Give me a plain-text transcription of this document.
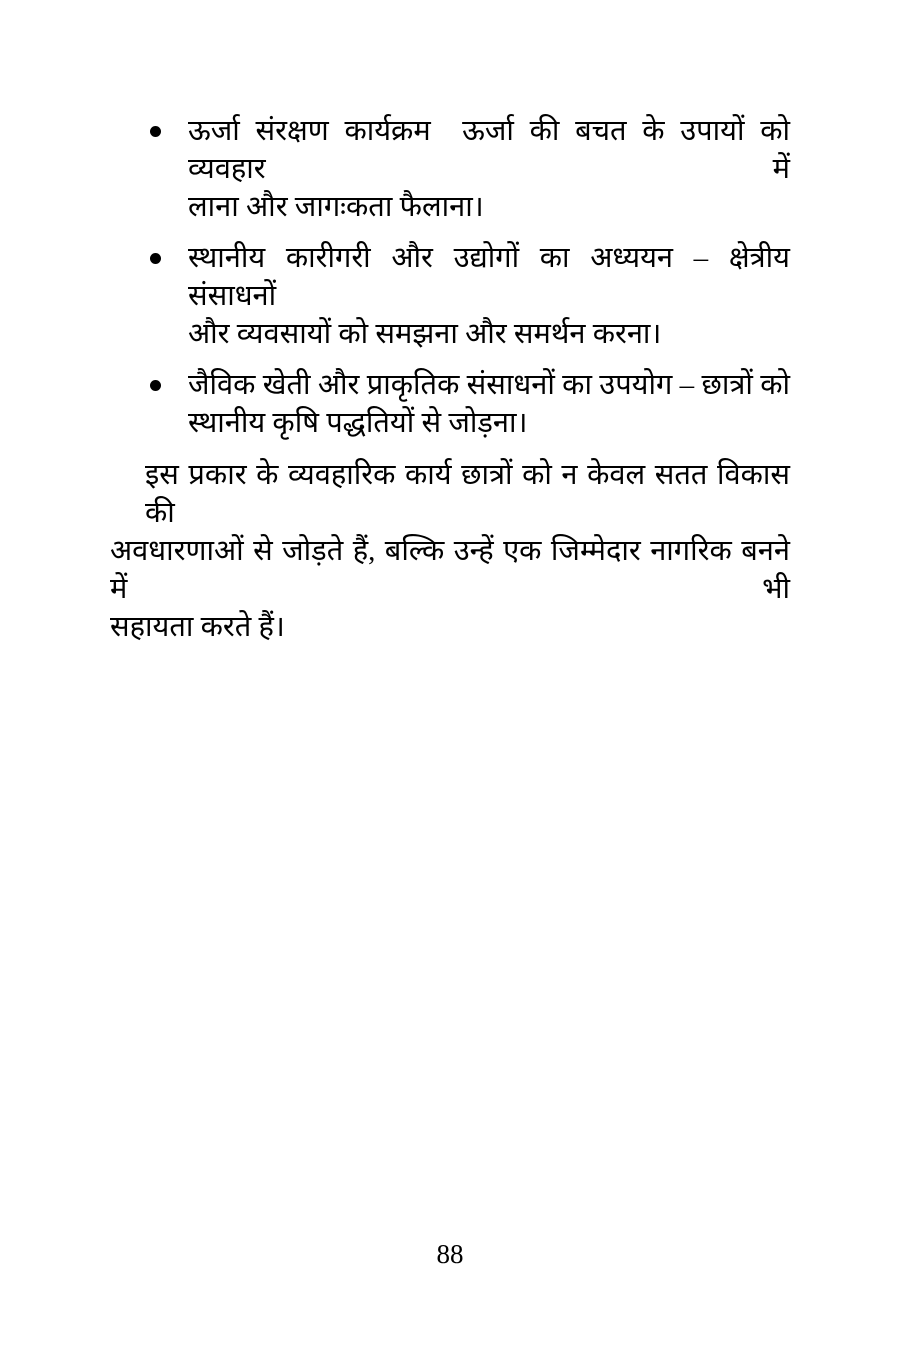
ऊर्जा संरक्षण कार्यक्रम  ऊर्जा की बचत के उपायों को व्यवहार में
लाना और जागःकता फैलाना।
स्थानीय कारीगरी और उद्योगों का अध्ययन – क्षेत्रीय संसाधनों
और व्यवसायों को समझना और समर्थन करना।
जैविक खेती और प्राकृतिक संसाधनों का उपयोग – छात्रों को
स्थानीय कृषि पद्धतियों से जोड़ना।
इस प्रकार के व्यवहारिक कार्य छात्रों को न केवल सतत विकास की
अवधारणाओं से जोड़ते हैं, बल्कि उन्हें एक जिम्मेदार नागरिक बनने में भी
सहायता करते हैं।
88
